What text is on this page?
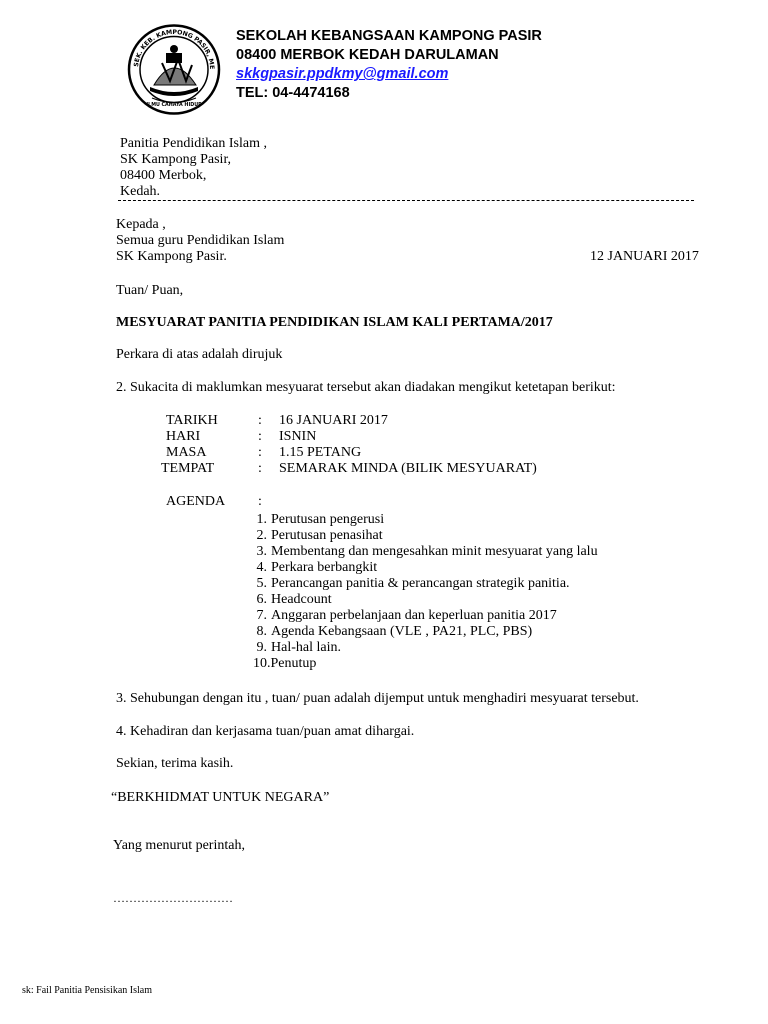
SEK. KEB. KAMPONG PASIR, ME
ILMU CAHAYA HIDUP
SEKOLAH KEBANGSAAN KAMPONG PASIR
08400 MERBOK KEDAH DARULAMAN
skkgpasir.ppdkmy@gmail.com
TEL: 04-4474168
Panitia Pendidikan Islam ,
SK Kampong Pasir,
08400 Merbok,
Kedah.
Kepada ,
Semua guru Pendidikan Islam
SK Kampong Pasir.	12 JANUARI 2017
Tuan/ Puan,
MESYUARAT PANITIA PENDIDIKAN ISLAM KALI PERTAMA/2017
Perkara di atas adalah dirujuk
2. Sukacita di maklumkan mesyuarat tersebut akan diadakan mengikut ketetapan berikut:
TARIKH	: 16 JANUARI 2017
HARI	: ISNIN
MASA	: 1.15 PETANG
TEMPAT	: SEMARAK MINDA (BILIK MESYUARAT)
AGENDA :
1. Perutusan pengerusi
2. Perutusan penasihat
3. Membentang dan mengesahkan minit mesyuarat yang lalu
4. Perkara berbangkit
5. Perancangan panitia & perancangan strategik panitia.
6. Headcount
7. Anggaran perbelanjaan dan keperluan panitia 2017
8. Agenda Kebangsaan (VLE , PA21, PLC, PBS)
9. Hal-hal lain.
10.Penutup
3. Sehubungan dengan itu , tuan/ puan adalah dijemput untuk menghadiri mesyuarat tersebut.
4. Kehadiran dan kerjasama tuan/puan amat dihargai.
Sekian, terima kasih.
“BERKHIDMAT UNTUK NEGARA”
Yang menurut perintah,
…………………………
sk: Fail Panitia Pensisikan Islam
